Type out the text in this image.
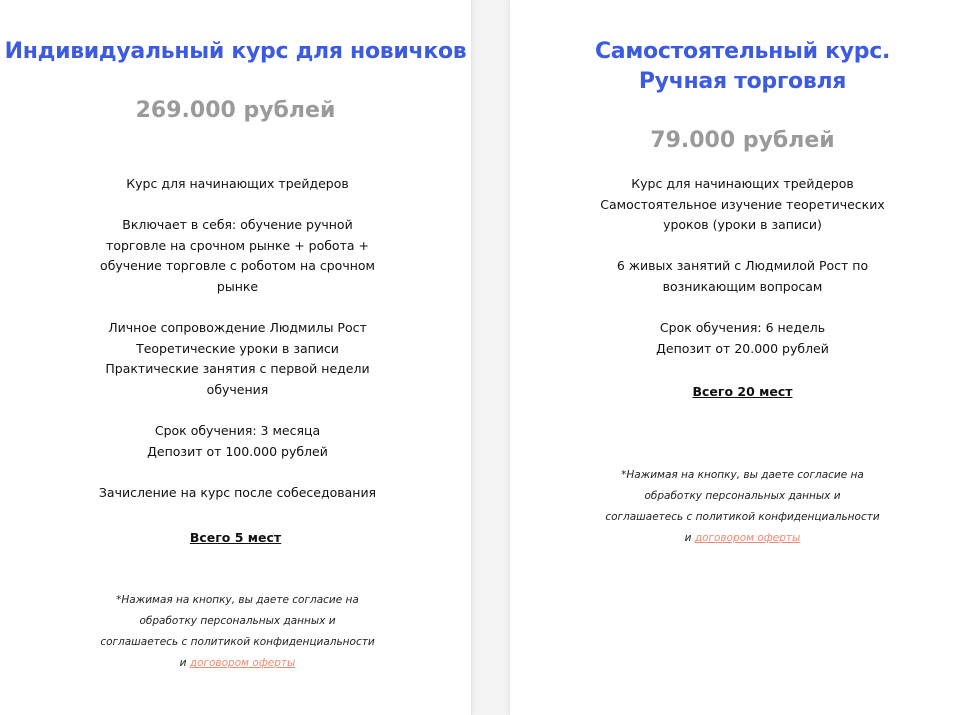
Индивидуальный курс для новичков
269.000 рублей

Курс для начинающих трейдеров

Включает в себя: обучение ручной

торговле на срочном рынке + робота +

обучение торговле с роботом на срочном

рынке

Личное сопровождение Людмилы Рост

Теоретические уроки в записи

Практические занятия с первой недели

обучения

Срок обучения: 3 месяца

Депозит от 100.000 рублей

Зачисление на курс после собеседования

Всего 5 мест

*Нажимая на кнопку, вы даете согласие на

обработку персональных данных и

соглашаетесь с политикой конфиденциальности

и договором оферты

Самостоятельный курс.
Ручная торговля
79.000 рублей

Курс для начинающих трейдеров

Самостоятельное изучение теоретических

уроков (уроки в записи)

6 живых занятий с Людмилой Рост по

возникающим вопросам

Срок обучения: 6 недель

Депозит от 20.000 рублей

Всего 20 мест

*Нажимая на кнопку, вы даете согласие на

обработку персональных данных и

соглашаетесь с политикой конфиденциальности

и договором оферты
